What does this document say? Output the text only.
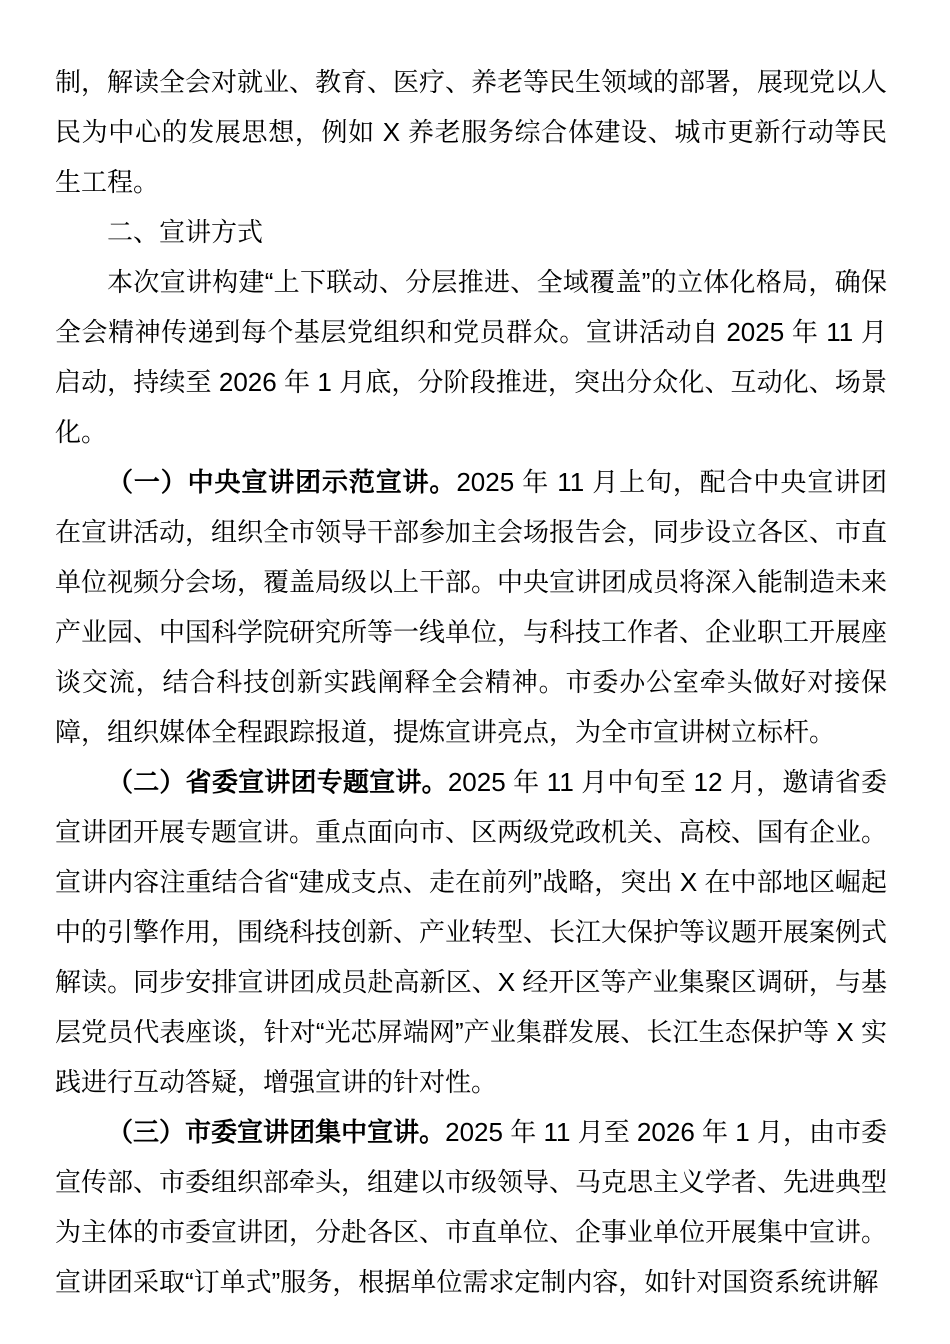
制，解读全会对就业、教育、医疗、养老等民生领域的部署，展现党以人民为中心的发展思想，例如 X 养老服务综合体建设、城市更新行动等民生工程。

二、宣讲方式

本次宣讲构建“上下联动、分层推进、全域覆盖”的立体化格局，确保全会精神传递到每个基层党组织和党员群众。宣讲活动自 2025 年 11 月启动，持续至 2026 年 1 月底，分阶段推进，突出分众化、互动化、场景化。

（一）中央宣讲团示范宣讲。2025 年 11 月上旬，配合中央宣讲团在宣讲活动，组织全市领导干部参加主会场报告会，同步设立各区、市直单位视频分会场，覆盖局级以上干部。中央宣讲团成员将深入能制造未来产业园、中国科学院研究所等一线单位，与科技工作者、企业职工开展座谈交流，结合科技创新实践阐释全会精神。市委办公室牵头做好对接保障，组织媒体全程跟踪报道，提炼宣讲亮点，为全市宣讲树立标杆。

（二）省委宣讲团专题宣讲。2025 年 11 月中旬至 12 月，邀请省委宣讲团开展专题宣讲。重点面向市、区两级党政机关、高校、国有企业。宣讲内容注重结合省“建成支点、走在前列”战略，突出 X 在中部地区崛起中的引擎作用，围绕科技创新、产业转型、长江大保护等议题开展案例式解读。同步安排宣讲团成员赴高新区、X 经开区等产业集聚区调研，与基层党员代表座谈，针对“光芯屏端网”产业集群发展、长江生态保护等 X 实践进行互动答疑，增强宣讲的针对性。

（三）市委宣讲团集中宣讲。2025 年 11 月至 2026 年 1 月，由市委宣传部、市委组织部牵头，组建以市级领导、马克思主义学者、先进典型为主体的市委宣讲团，分赴各区、市直单位、企事业单位开展集中宣讲。宣讲团采取“订单式”服务，根据单位需求定制内容，如针对国资系统讲解
